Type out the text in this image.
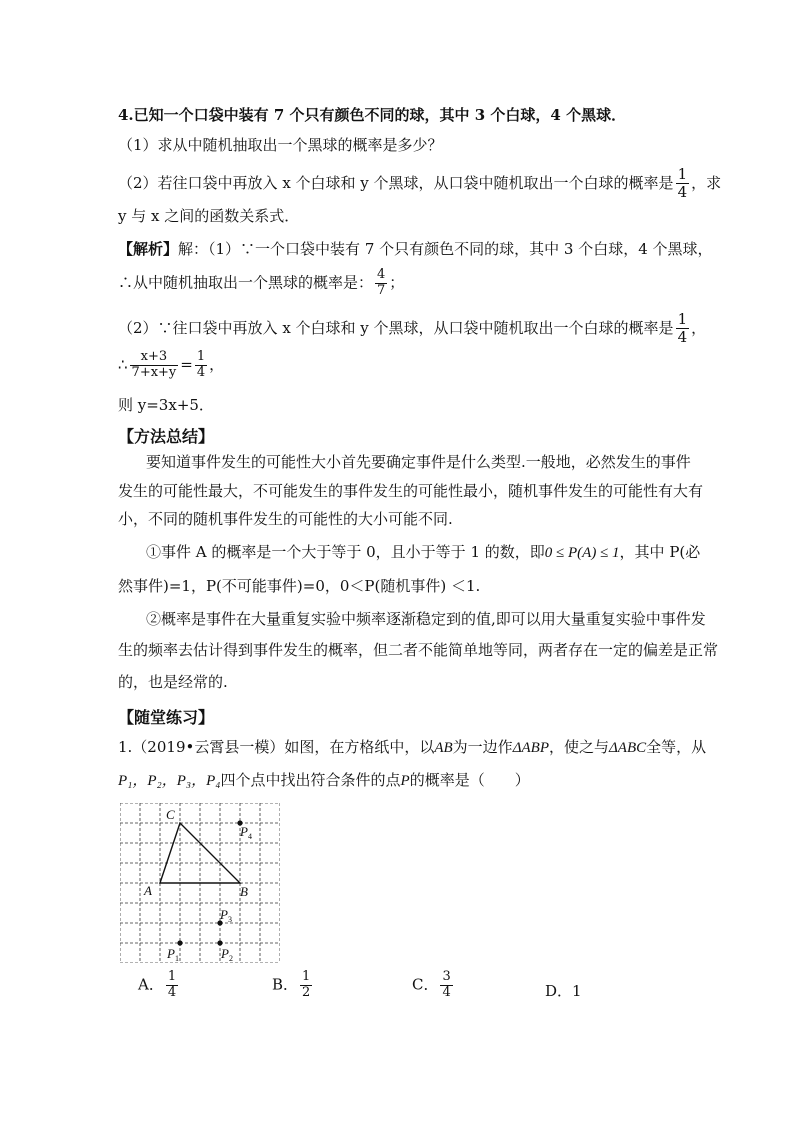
4.已知一个口袋中装有 7 个只有颜色不同的球，其中 3 个白球，4 个黑球．
（1）求从中随机抽取出一个黑球的概率是多少？
（2）若往口袋中再放入 x 个白球和 y 个黑球，从口袋中随机取出一个白球的概率是 $\frac{1}{4}$ ，求
y 与 x 之间的函数关系式．
【解析】解：（1）∵一个口袋中装有 7 个只有颜色不同的球，其中 3 个白球，4 个黑球，
∴从中随机抽取出一个黑球的概率是： $\frac{4}{7}$ ；
（2）∵往口袋中再放入 x 个白球和 y 个黑球，从口袋中随机取出一个白球的概率是 $\frac{1}{4}$ ，
∴ $\frac{x+3}{7+x+y} = \frac{1}{4}$ ，
则 y=3x+5．
【方法总结】
要知道事件发生的可能性大小首先要确定事件是什么类型.一般地，必然发生的事件
发生的可能性最大，不可能发生的事件发生的可能性最小，随机事件发生的可能性有大有
小，不同的随机事件发生的可能性的大小可能不同.
①事件 A 的概率是一个大于等于 0，且小于等于 1 的数，即0 ≤ P(A) ≤ 1，其中 P(必
然事件)=1，P(不可能事件)=0，0＜P(随机事件) ＜1.
②概率是事件在大量重复实验中频率逐渐稳定到的值,即可以用大量重复实验中事件发
生的频率去估计得到事件发生的概率，但二者不能简单地等同，两者存在一定的偏差是正常
的，也是经常的.
【随堂练习】
1.（2019•云霄县一模）如图，在方格纸中，以AB为一边作ΔABP，使之与ΔABC全等，从
P₁，P₂，P₃，P₄四个点中找出符合条件的点P的概率是（　　）
C
A	B
P 4
P 3
P 1	P 2
A． $\frac{1}{4}$	B． $\frac{1}{2}$	C． $\frac{3}{4}$	D．1
